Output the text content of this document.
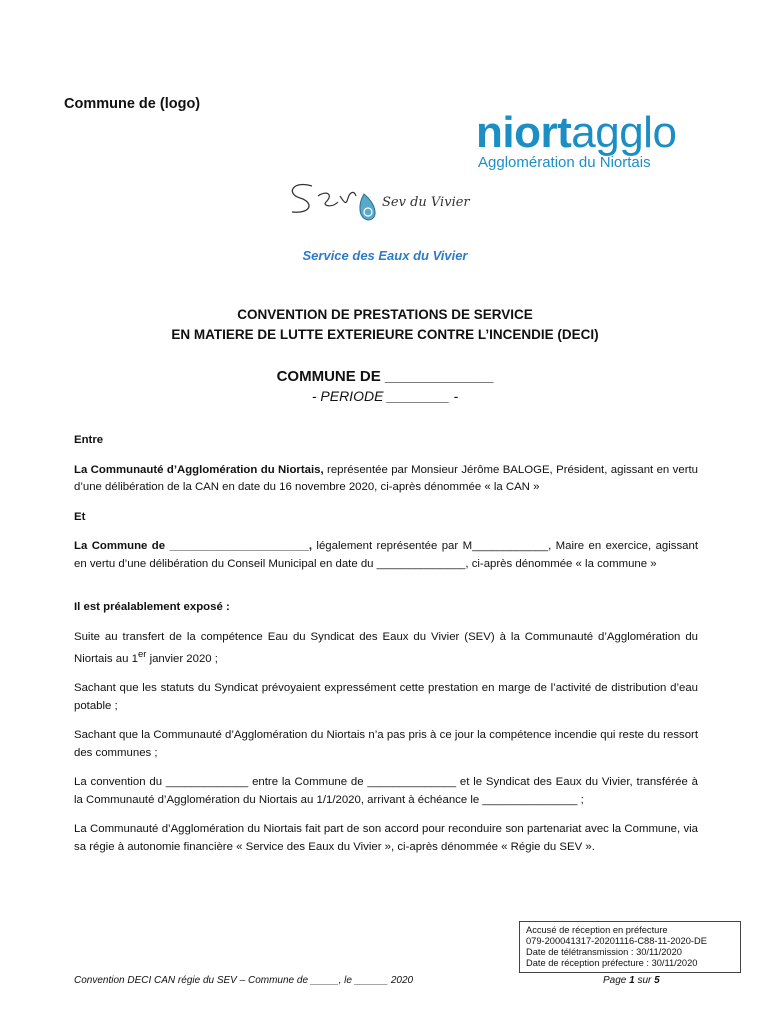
Commune de (logo)
niortagglo
Agglomération du Niortais
Sev du Vivier
Service des Eaux du Vivier
CONVENTION DE PRESTATIONS DE SERVICE
EN MATIERE DE LUTTE EXTERIEURE CONTRE L’INCENDIE (DECI)
COMMUNE DE _____________
- PERIODE ________ -

Entre

La Communauté d’Agglomération du Niortais, représentée par Monsieur Jérôme BALOGE, Président, agissant en vertu d’une délibération de la CAN en date du 16 novembre 2020, ci-après dénommée « la CAN »

Et

La Commune de ______________________, légalement représentée par M____________, Maire en exercice, agissant en vertu d’une délibération du Conseil Municipal en date du ______________, ci-après dénommée « la commune »

Il est préalablement exposé :

Suite au transfert de la compétence Eau du Syndicat des Eaux du Vivier (SEV) à la Communauté d’Agglomération du Niortais au 1er janvier 2020 ;

Sachant que les statuts du Syndicat prévoyaient expressément cette prestation en marge de l’activité de distribution d’eau potable ;

Sachant que la Communauté d’Agglomération du Niortais n’a pas pris à ce jour la compétence incendie qui reste du ressort des communes ;

La convention du _____________ entre la Commune de ______________ et le Syndicat des Eaux du Vivier, transférée à la Communauté d’Agglomération du Niortais au 1/1/2020, arrivant à échéance le _______________ ;

La Communauté d’Agglomération du Niortais fait part de son accord pour reconduire son partenariat avec la Commune, via sa régie à autonomie financière « Service des Eaux du Vivier », ci-après dénommée « Régie du SEV ».

Accusé de réception en préfecture
079-200041317-20201116-C88-11-2020-DE
Date de télétransmission : 30/11/2020
Date de réception préfecture : 30/11/2020
Convention DECI CAN régie du SEV – Commune de _____, le ______ 2020	Page 1 sur 5
